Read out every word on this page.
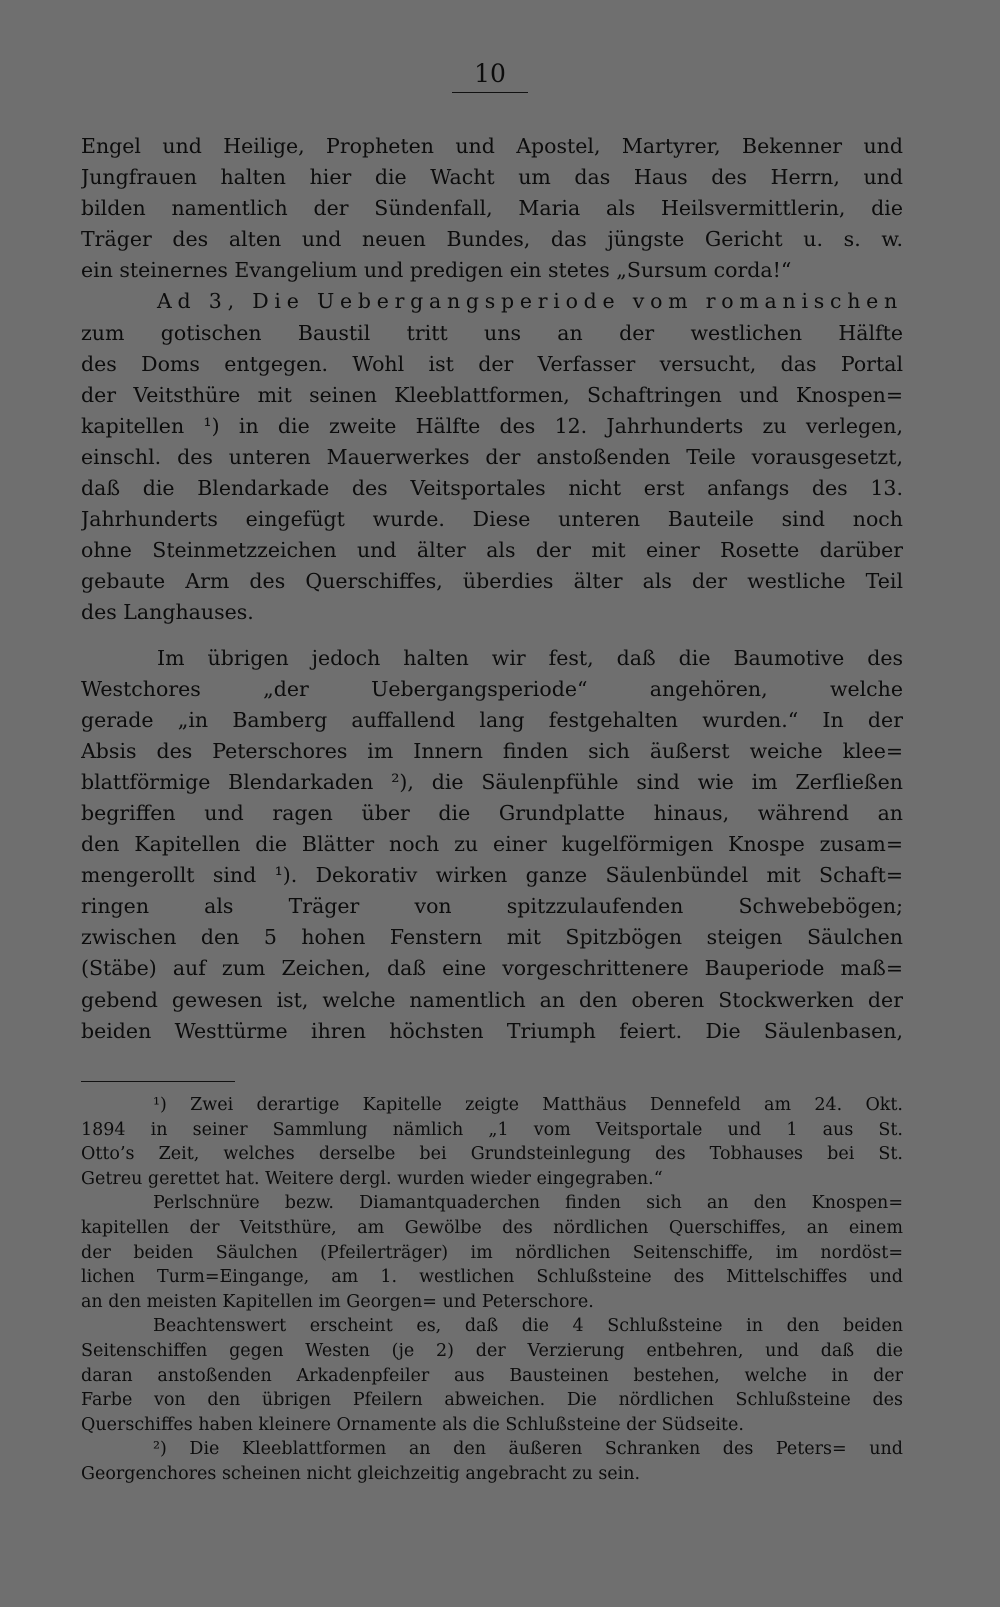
10
Engel und Heilige, Propheten und Apostel, Martyrer, Bekenner und
Jungfrauen halten hier die Wacht um das Haus des Herrn, und
bilden namentlich der Sündenfall, Maria als Heilsvermittlerin, die
Träger des alten und neuen Bundes, das jüngste Gericht u. s. w.
ein steinernes Evangelium und predigen ein stetes „Sursum corda!“
Ad 3, Die Uebergangsperiode vom romanischen
zum gotischen Baustil tritt uns an der westlichen Hälfte
des Doms entgegen. Wohl ist der Verfasser versucht, das Portal
der Veitsthüre mit seinen Kleeblattformen, Schaftringen und Knospen=
kapitellen ¹) in die zweite Hälfte des 12. Jahrhunderts zu verlegen,
einschl. des unteren Mauerwerkes der anstoßenden Teile vorausgesetzt,
daß die Blendarkade des Veitsportales nicht erst anfangs des 13.
Jahrhunderts eingefügt wurde. Diese unteren Bauteile sind noch
ohne Steinmetzzeichen und älter als der mit einer Rosette darüber
gebaute Arm des Querschiffes, überdies älter als der westliche Teil
des Langhauses.
Im übrigen jedoch halten wir fest, daß die Baumotive des
Westchores „der Uebergangsperiode“ angehören, welche
gerade „in Bamberg auffallend lang festgehalten wurden.“ In der
Absis des Peterschores im Innern finden sich äußerst weiche klee=
blattförmige Blendarkaden ²), die Säulenpfühle sind wie im Zerfließen
begriffen und ragen über die Grundplatte hinaus, während an
den Kapitellen die Blätter noch zu einer kugelförmigen Knospe zusam=
mengerollt sind ¹). Dekorativ wirken ganze Säulenbündel mit Schaft=
ringen als Träger von spitzzulaufenden Schwebebögen;
zwischen den 5 hohen Fenstern mit Spitzbögen steigen Säulchen
(Stäbe) auf zum Zeichen, daß eine vorgeschrittenere Bauperiode maß=
gebend gewesen ist, welche namentlich an den oberen Stockwerken der
beiden Westtürme ihren höchsten Triumph feiert. Die Säulenbasen,
¹) Zwei derartige Kapitelle zeigte Matthäus Dennefeld am 24. Okt.
1894 in seiner Sammlung nämlich „1 vom Veitsportale und 1 aus St.
Otto’s Zeit, welches derselbe bei Grundsteinlegung des Tobhauses bei St.
Getreu gerettet hat. Weitere dergl. wurden wieder eingegraben.“
Perlschnüre bezw. Diamantquaderchen finden sich an den Knospen=
kapitellen der Veitsthüre, am Gewölbe des nördlichen Querschiffes, an einem
der beiden Säulchen (Pfeilerträger) im nördlichen Seitenschiffe, im nordöst=
lichen Turm=Eingange, am 1. westlichen Schlußsteine des Mittelschiffes und
an den meisten Kapitellen im Georgen= und Peterschore.
Beachtenswert erscheint es, daß die 4 Schlußsteine in den beiden
Seitenschiffen gegen Westen (je 2) der Verzierung entbehren, und daß die
daran anstoßenden Arkadenpfeiler aus Bausteinen bestehen, welche in der
Farbe von den übrigen Pfeilern abweichen. Die nördlichen Schlußsteine des
Querschiffes haben kleinere Ornamente als die Schlußsteine der Südseite.
²) Die Kleeblattformen an den äußeren Schranken des Peters= und
Georgenchores scheinen nicht gleichzeitig angebracht zu sein.
